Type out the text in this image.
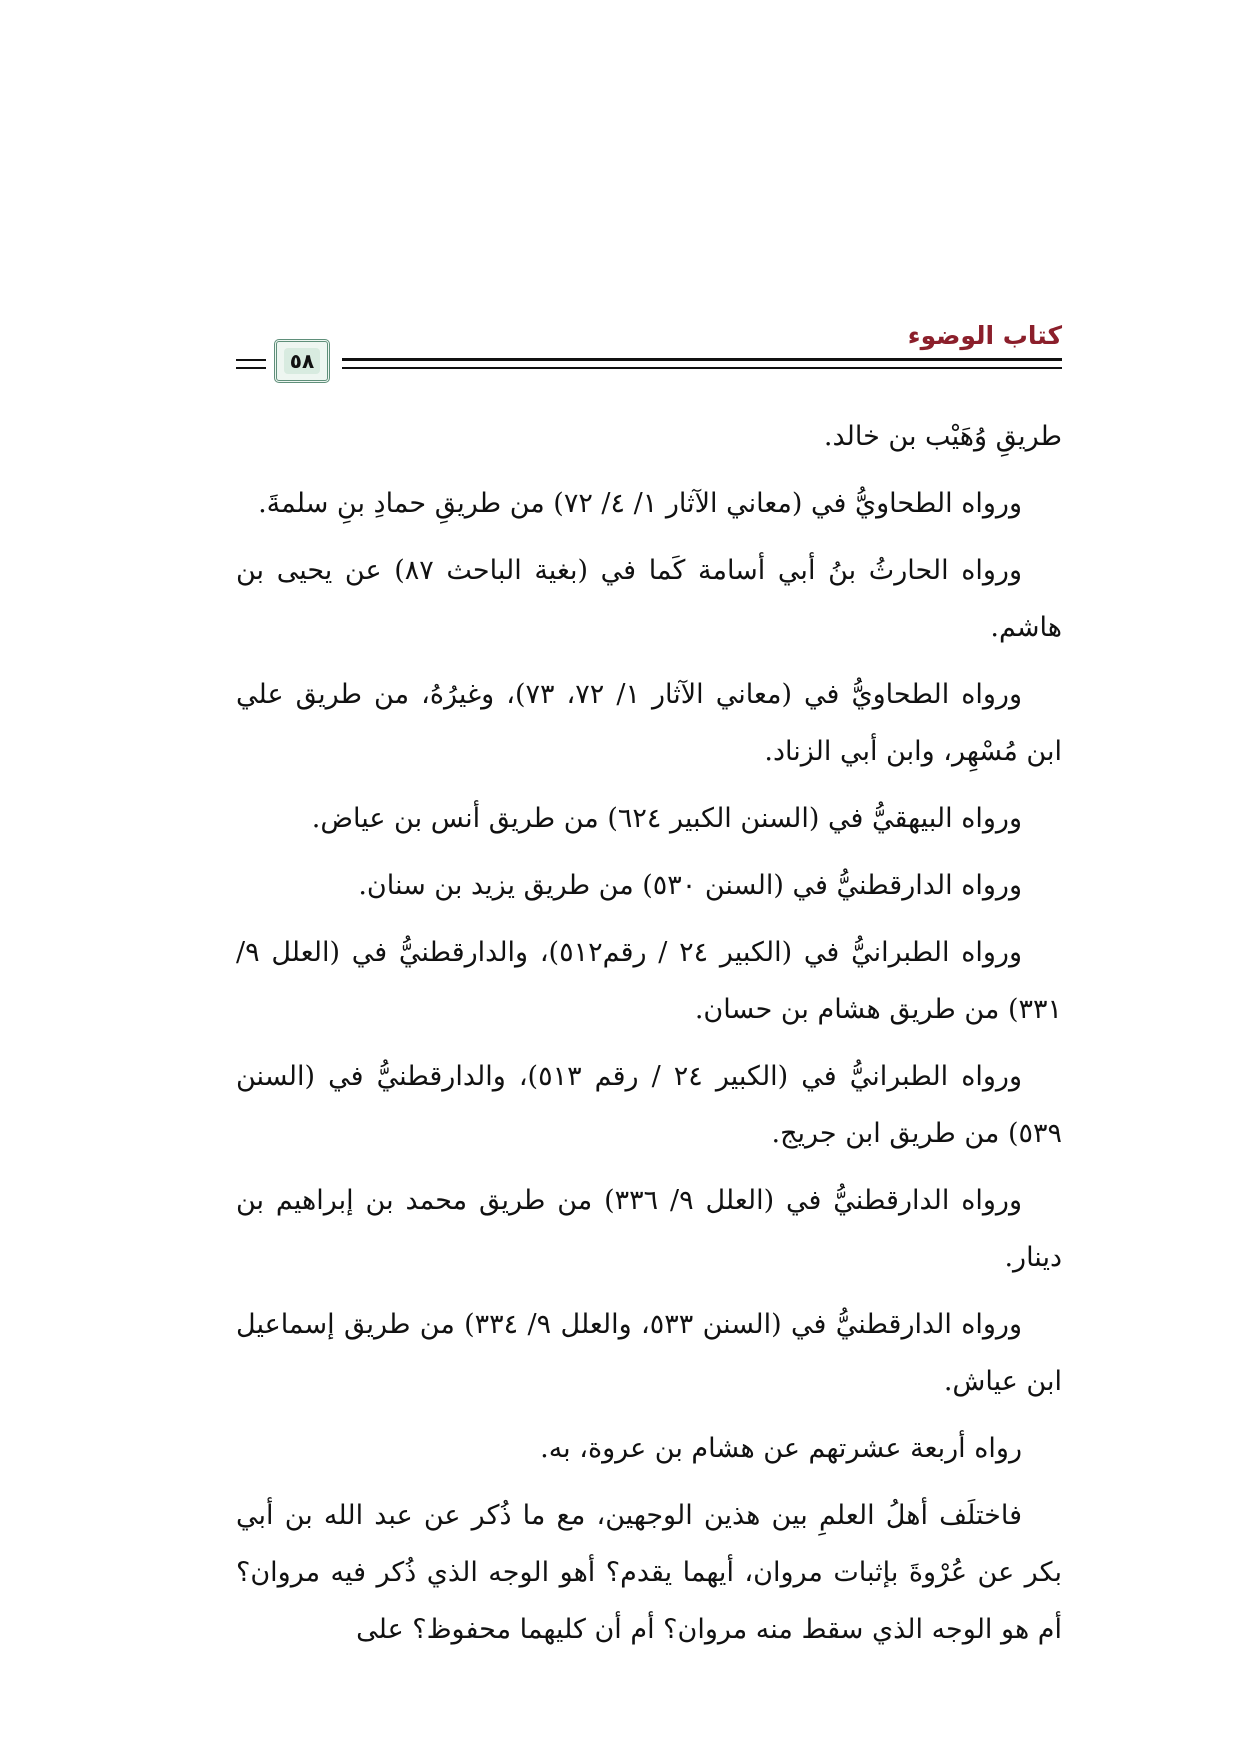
كتاب الوضوء
٥٨

طريقِ وُهَيْب بن خالد.

ورواه الطحاويُّ في (معاني الآثار ١/ ٤/ ٧٢) من طريقِ حمادِ بنِ سلمةَ.

ورواه الحارثُ بنُ أبي أسامة كَما في (بغية الباحث ٨٧) عن يحيى بن هاشم.

ورواه الطحاويُّ في (معاني الآثار ١/ ٧٢، ٧٣)، وغيرُهُ، من طريق علي ابن مُسْهِر، وابن أبي الزناد.

ورواه البيهقيُّ في (السنن الكبير ٦٢٤) من طريق أنس بن عياض.

ورواه الدارقطنيُّ في (السنن ٥٣٠) من طريق يزيد بن سنان.

ورواه الطبرانيُّ في (الكبير ٢٤ / رقم٥١٢)، والدارقطنيُّ في (العلل ٩/ ٣٣١) من طريق هشام بن حسان.

ورواه الطبرانيُّ في (الكبير ٢٤ / رقم ٥١٣)، والدارقطنيُّ في (السنن ٥٣٩) من طريق ابن جريج.

ورواه الدارقطنيُّ في (العلل ٩/ ٣٣٦) من طريق محمد بن إبراهيم بن دينار.

ورواه الدارقطنيُّ في (السنن ٥٣٣، والعلل ٩/ ٣٣٤) من طريق إسماعيل ابن عياش.

رواه أربعة عشرتهم عن هشام بن عروة، به.

فاختلَف أهلُ العلمِ بين هذين الوجهين، مع ما ذُكر عن عبد الله بن أبي بكر عن عُرْوةَ بإثبات مروان، أيهما يقدم؟ أهو الوجه الذي ذُكر فيه مروان؟ أم هو الوجه الذي سقط منه مروان؟ أم أن كليهما محفوظ؟ على
